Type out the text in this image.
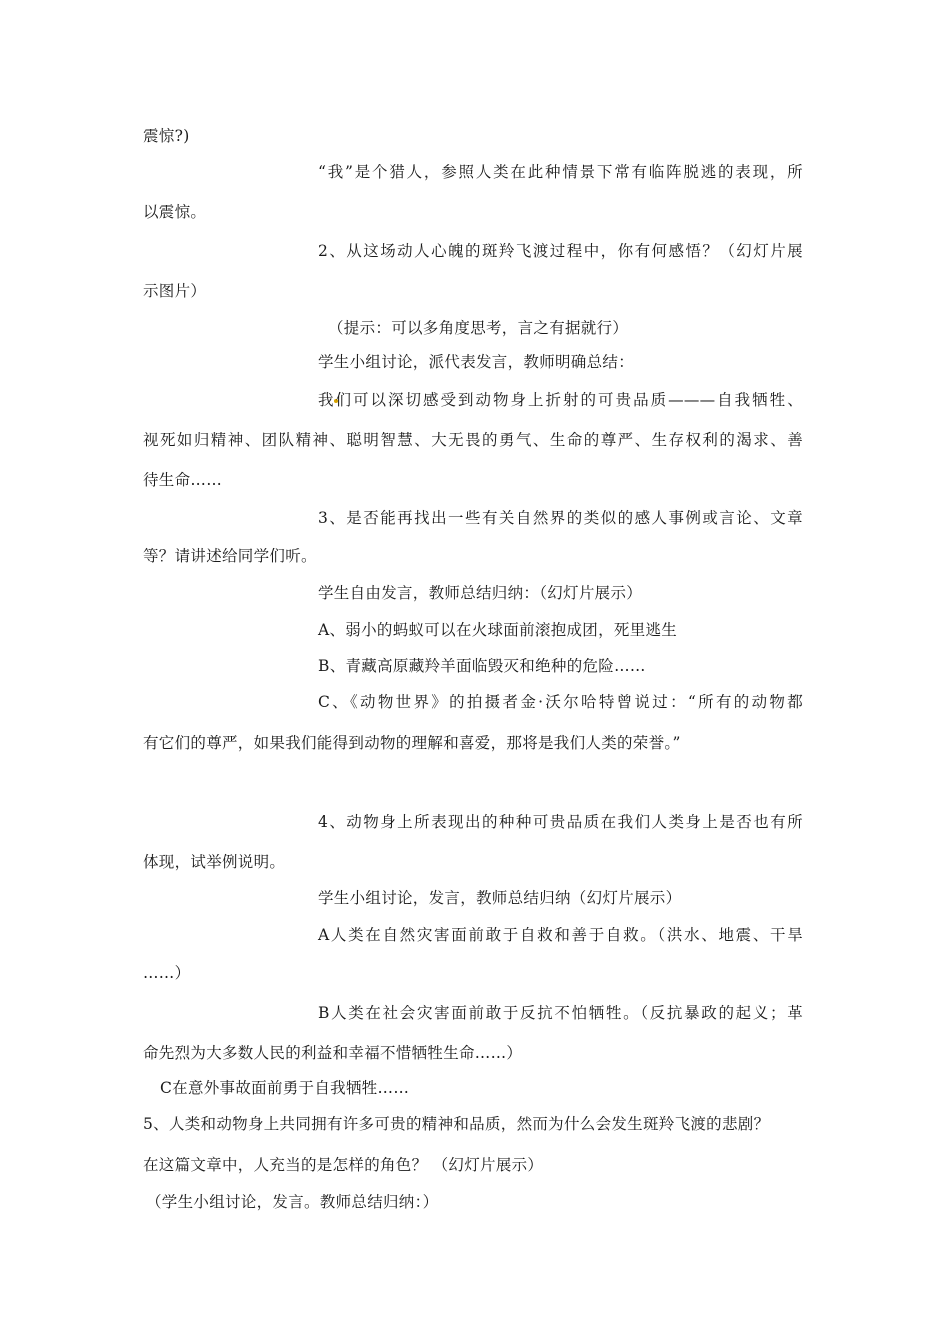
震惊?)
“我”是个猎人，参照人类在此种情景下常有临阵脱逃的表现，所
以震惊。
2、从这场动人心魄的斑羚飞渡过程中，你有何感悟？（幻灯片展
示图片）
（提示：可以多角度思考，言之有据就行）
学生小组讨论，派代表发言，教师明确总结：
我们可以深切感受到动物身上折射的可贵品质———自我牺牲、
视死如归精神、团队精神、聪明智慧、大无畏的勇气、生命的尊严、生存权利的渴求、善
待生命……
3、是否能再找出一些有关自然界的类似的感人事例或言论、文章
等？请讲述给同学们听。
学生自由发言，教师总结归纳：（幻灯片展示）
A、弱小的蚂蚁可以在火球面前滚抱成团，死里逃生
B、青藏高原藏羚羊面临毁灭和绝种的危险……
C、《动物世界》的拍摄者金·沃尔哈特曾说过：“所有的动物都
有它们的尊严，如果我们能得到动物的理解和喜爱，那将是我们人类的荣誉。”
4、动物身上所表现出的种种可贵品质在我们人类身上是否也有所
体现，试举例说明。
学生小组讨论，发言，教师总结归纳（幻灯片展示）
A人类在自然灾害面前敢于自救和善于自救。（洪水、地震、干旱
……）
B人类在社会灾害面前敢于反抗不怕牺牲。（反抗暴政的起义；革
命先烈为大多数人民的利益和幸福不惜牺牲生命……）
C在意外事故面前勇于自我牺牲……
5、人类和动物身上共同拥有许多可贵的精神和品质，然而为什么会发生斑羚飞渡的悲剧？
在这篇文章中，人充当的是怎样的角色？ （幻灯片展示）
（学生小组讨论，发言。教师总结归纳：）
